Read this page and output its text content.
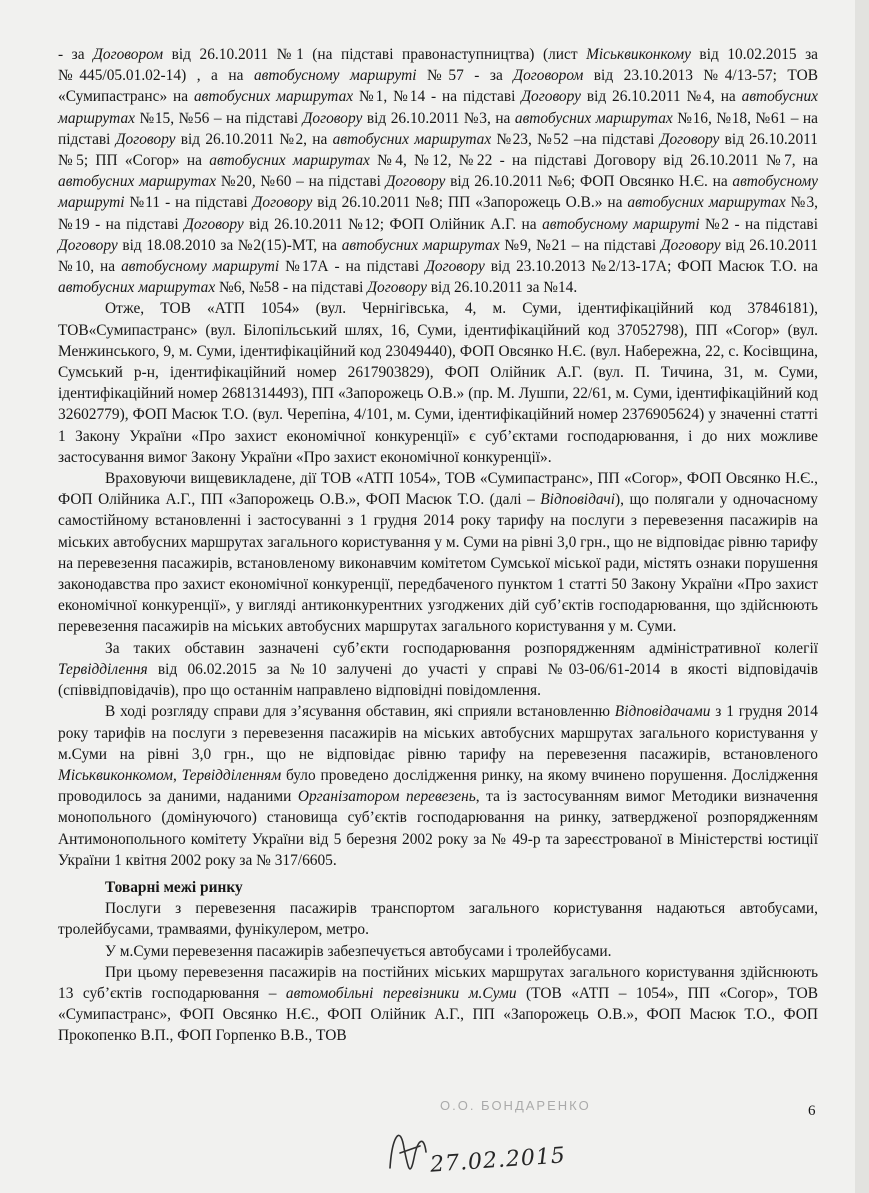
- за Договором від 26.10.2011 №1 (на підставі правонаступництва) (лист Міськвиконкому від 10.02.2015 за №445/05.01.02-14) , а на автобусному маршруті №57 - за Договором від 23.10.2013 №4/13-57; ТОВ «Сумипастранс» на автобусних маршрутах №1, №14 - на підставі Договору від 26.10.2011 №4, на автобусних маршрутах №15, №56 – на підставі Договору від 26.10.2011 №3, на автобусних маршрутах №16, №18, №61 – на підставі Договору від 26.10.2011 №2, на автобусних маршрутах №23, №52 –на підставі Договору від 26.10.2011 №5; ПП «Согор» на автобусних маршрутах №4, №12, №22 - на підставі Договору від 26.10.2011 №7, на автобусних маршрутах №20, №60 – на підставі Договору від 26.10.2011 №6; ФОП Овсянко Н.Є. на автобусному маршруті №11 - на підставі Договору від 26.10.2011 №8; ПП «Запорожець О.В.» на автобусних маршрутах №3, №19 - на підставі Договору від 26.10.2011 №12; ФОП Олійник А.Г. на автобусному маршруті №2 - на підставі Договору від 18.08.2010 за №2(15)-МТ, на автобусних маршрутах №9, №21 – на підставі Договору від 26.10.2011 №10, на автобусному маршруті №17А - на підставі Договору від 23.10.2013 №2/13-17А; ФОП Масюк Т.О. на автобусних маршрутах №6, №58 - на підставі Договору від 26.10.2011 за №14.

Отже, ТОВ «АТП 1054» (вул. Чернігівська, 4, м. Суми, ідентифікаційний код 37846181), ТОВ«Сумипастранс» (вул. Білопільський шлях, 16, Суми, ідентифікаційний код 37052798), ПП «Согор» (вул. Менжинського, 9, м. Суми, ідентифікаційний код 23049440), ФОП Овсянко Н.Є. (вул. Набережна, 22, с. Косівщина, Сумський р-н, ідентифікаційний номер 2617903829), ФОП Олійник А.Г. (вул. П. Тичина, 31, м. Суми, ідентифікаційний номер 2681314493), ПП «Запорожець О.В.» (пр. М. Лушпи, 22/61, м. Суми, ідентифікаційний код 32602779), ФОП Масюк Т.О. (вул. Черепіна, 4/101, м. Суми, ідентифікаційний номер 2376905624) у значенні статті 1 Закону України «Про захист економічної конкуренції» є суб’єктами господарювання, і до них можливе застосування вимог Закону України «Про захист економічної конкуренції».

Враховуючи вищевикладене, дії ТОВ «АТП 1054», ТОВ «Сумипастранс», ПП «Согор», ФОП Овсянко Н.Є., ФОП Олійника А.Г., ПП «Запорожець О.В.», ФОП Масюк Т.О. (далі – Відповідачі), що полягали у одночасному самостійному встановленні і застосуванні з 1 грудня 2014 року тарифу на послуги з перевезення пасажирів на міських автобусних маршрутах загального користування у м. Суми на рівні 3,0 грн., що не відповідає рівню тарифу на перевезення пасажирів, встановленому виконавчим комітетом Сумської міської ради, містять ознаки порушення законодавства про захист економічної конкуренції, передбаченого пунктом 1 статті 50 Закону України «Про захист економічної конкуренції», у вигляді антиконкурентних узгоджених дій суб’єктів господарювання, що здійснюють перевезення пасажирів на міських автобусних маршрутах загального користування у м. Суми.

За таких обставин зазначені суб’єкти господарювання розпорядженням адміністративної колегії Тервідділення від 06.02.2015 за №10 залучені до участі у справі №03-06/61-2014 в якості відповідачів (співвідповідачів), про що останнім направлено відповідні повідомлення.

В ході розгляду справи для з’ясування обставин, які сприяли встановленню Відповідачами з 1 грудня 2014 року тарифів на послуги з перевезення пасажирів на міських автобусних маршрутах загального користування у м.Суми на рівні 3,0 грн., що не відповідає рівню тарифу на перевезення пасажирів, встановленого Міськвиконкомом, Тервідділенням було проведено дослідження ринку, на якому вчинено порушення. Дослідження проводилось за даними, наданими Організатором перевезень, та із застосуванням вимог Методики визначення монопольного (домінуючого) становища суб’єктів господарювання на ринку, затвердженої розпорядженням Антимонопольного комітету України від 5 березня 2002 року за № 49-р та зареєстрованої в Міністерстві юстиції України 1 квітня 2002 року за № 317/6605.

Товарні межі ринку

Послуги з перевезення пасажирів транспортом загального користування надаються автобусами, тролейбусами, трамваями, фунікулером, метро.

У м.Суми перевезення пасажирів забезпечується автобусами і тролейбусами.

При цьому перевезення пасажирів на постійних міських маршрутах загального користування здійснюють 13 суб’єктів господарювання – автомобільні перевізники м.Суми (ТОВ «АТП – 1054», ПП «Согор», ТОВ «Сумипастранс», ФОП Овсянко Н.Є., ФОП Олійник А.Г., ПП «Запорожець О.В.», ФОП Масюк Т.О., ФОП Прокопенко В.П., ФОП Горпенко В.В., ТОВ

О.О. БОНДАРЕНКО
27.02.2015
6
